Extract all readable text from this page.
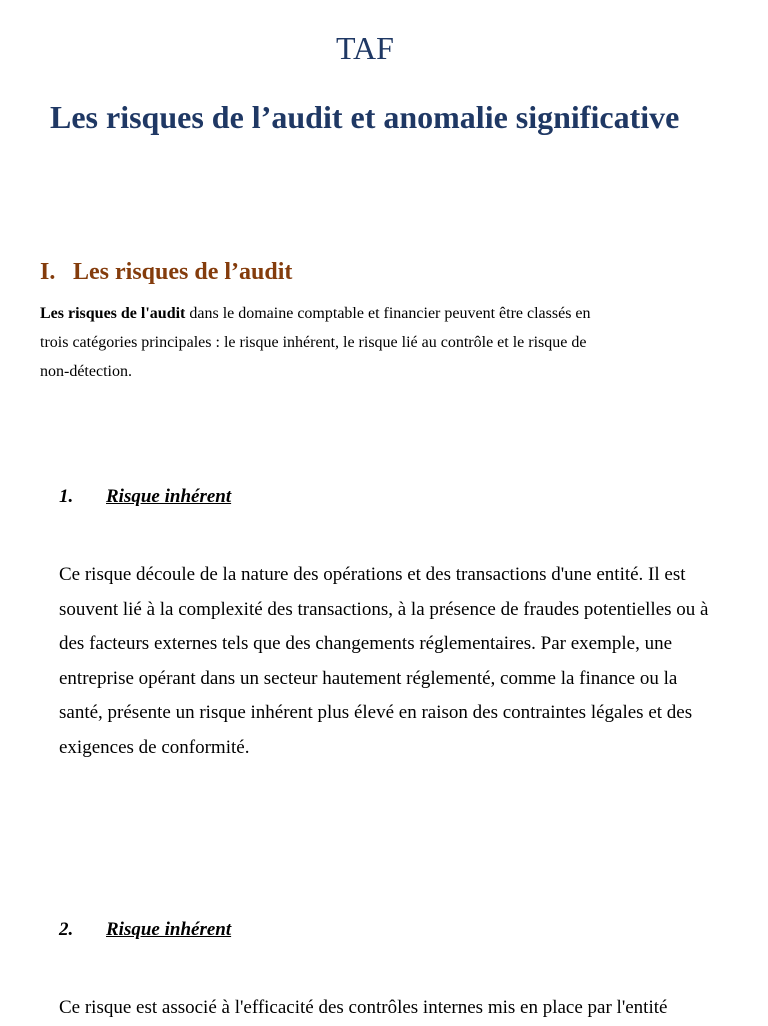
TAF

Les risques de l’audit et anomalie significative
I. Les risques de l’audit

Les risques de l'audit dans le domaine comptable et financier peuvent être classés en trois catégories principales : le risque inhérent, le risque lié au contrôle et le risque de non-détection.

1. Risque inhérent

Ce risque découle de la nature des opérations et des transactions d'une entité. Il est souvent lié à la complexité des transactions, à la présence de fraudes potentielles ou à des facteurs externes tels que des changements réglementaires. Par exemple, une entreprise opérant dans un secteur hautement réglementé, comme la finance ou la santé, présente un risque inhérent plus élevé en raison des contraintes légales et des exigences de conformité.

2. Risque inhérent

Ce risque est associé à l'efficacité des contrôles internes mis en place par l'entité
